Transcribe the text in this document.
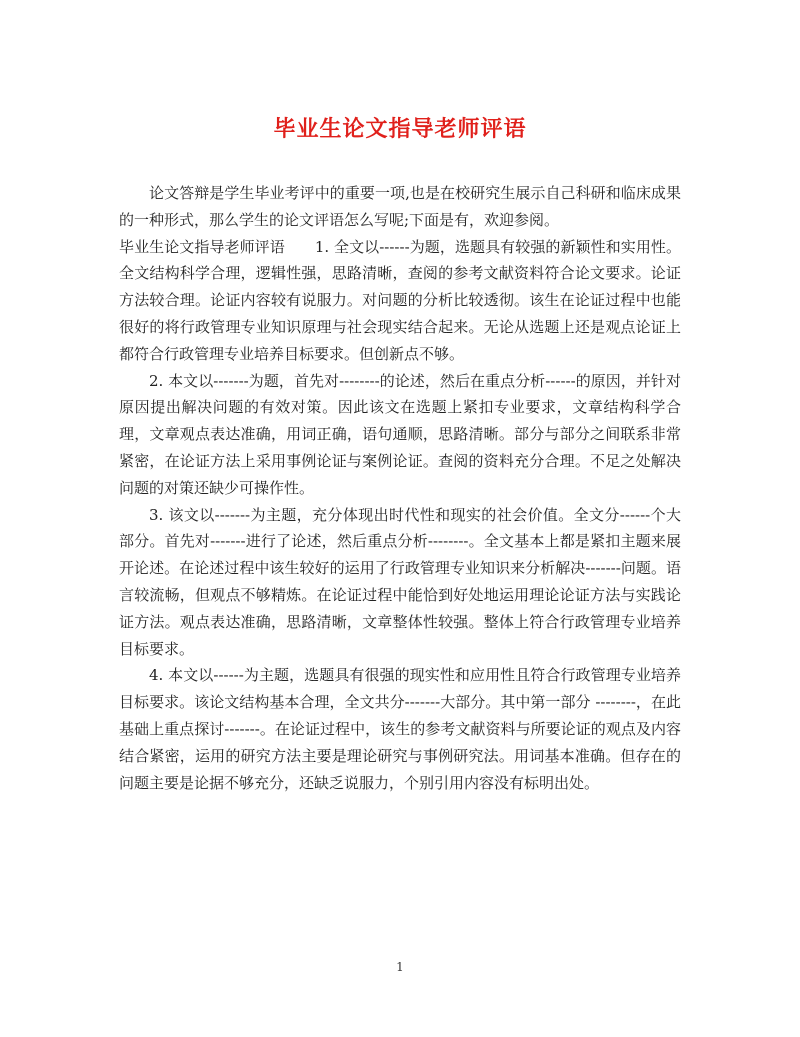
毕业生论文指导老师评语

论文答辩是学生毕业考评中的重要一项,也是在校研究生展示自己科研和临床成果的一种形式，那么学生的论文评语怎么写呢;下面是有，欢迎参阅。

毕业生论文指导老师评语 1. 全文以------为题，选题具有较强的新颖性和实用性。全文结构科学合理，逻辑性强，思路清晰，查阅的参考文献资料符合论文要求。论证方法较合理。论证内容较有说服力。对问题的分析比较透彻。该生在论证过程中也能很好的将行政管理专业知识原理与社会现实结合起来。无论从选题上还是观点论证上都符合行政管理专业培养目标要求。但创新点不够。

2. 本文以-------为题，首先对--------的论述，然后在重点分析------的原因，并针对原因提出解决问题的有效对策。因此该文在选题上紧扣专业要求，文章结构科学合理，文章观点表达准确，用词正确，语句通顺，思路清晰。部分与部分之间联系非常紧密，在论证方法上采用事例论证与案例论证。查阅的资料充分合理。不足之处解决问题的对策还缺少可操作性。

3. 该文以-------为主题，充分体现出时代性和现实的社会价值。全文分------个大部分。首先对-------进行了论述，然后重点分析--------。全文基本上都是紧扣主题来展开论述。在论述过程中该生较好的运用了行政管理专业知识来分析解决-------问题。语言较流畅，但观点不够精炼。在论证过程中能恰到好处地运用理论论证方法与实践论证方法。观点表达准确，思路清晰，文章整体性较强。整体上符合行政管理专业培养目标要求。

4. 本文以------为主题，选题具有很强的现实性和应用性且符合行政管理专业培养目标要求。该论文结构基本合理，全文共分-------大部分。其中第一部分 --------，在此基础上重点探讨-------。在论证过程中，该生的参考文献资料与所要论证的观点及内容结合紧密，运用的研究方法主要是理论研究与事例研究法。用词基本准确。但存在的问题主要是论据不够充分，还缺乏说服力，个别引用内容没有标明出处。

1
